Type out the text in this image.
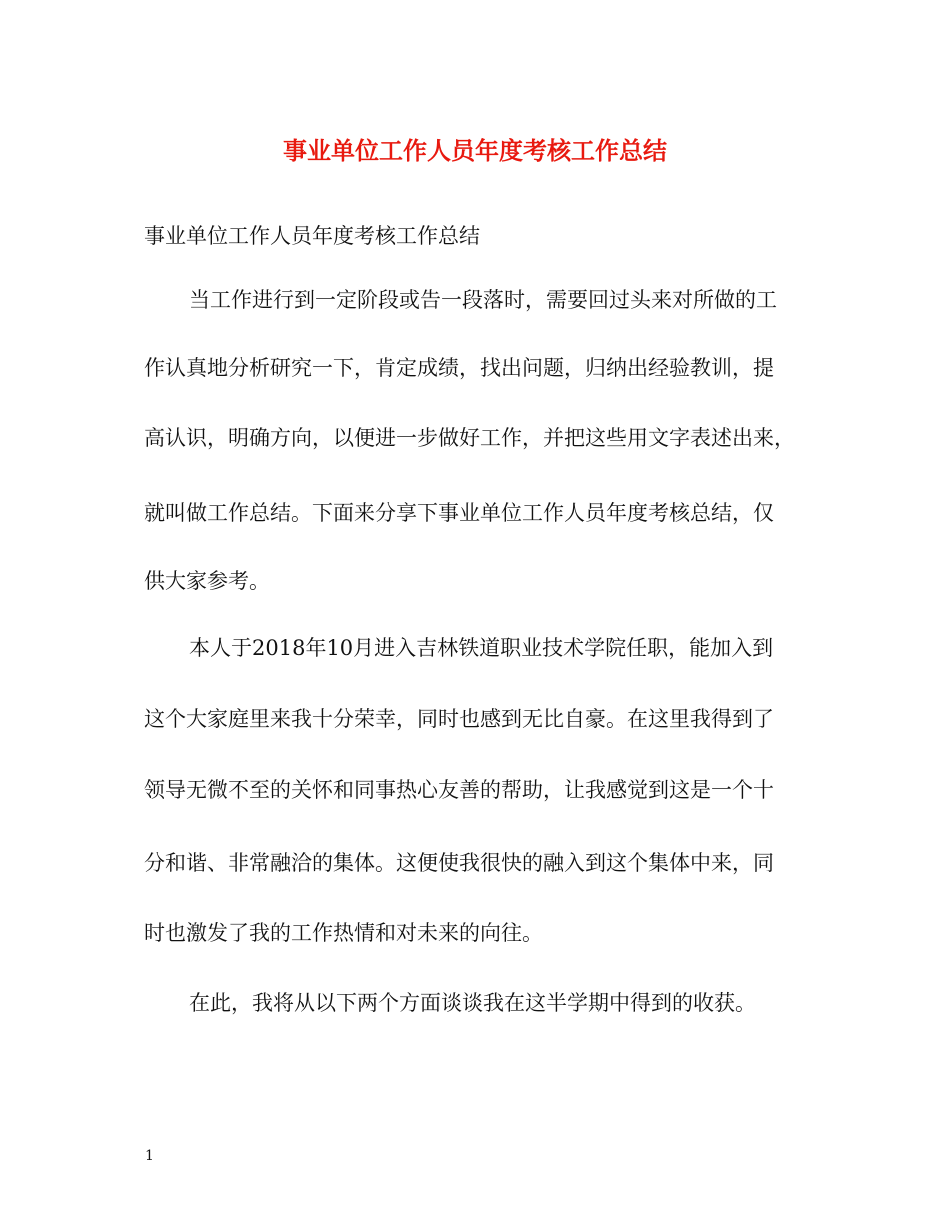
事业单位工作人员年度考核工作总结

事业单位工作人员年度考核工作总结

当工作进行到一定阶段或告一段落时，需要回过头来对所做的工

作认真地分析研究一下，肯定成绩，找出问题，归纳出经验教训，提

高认识，明确方向，以便进一步做好工作，并把这些用文字表述出来，

就叫做工作总结。下面来分享下事业单位工作人员年度考核总结，仅

供大家参考。

本人于2018年10月进入吉林铁道职业技术学院任职，能加入到

这个大家庭里来我十分荣幸，同时也感到无比自豪。在这里我得到了

领导无微不至的关怀和同事热心友善的帮助，让我感觉到这是一个十

分和谐、非常融洽的集体。这便使我很快的融入到这个集体中来，同

时也激发了我的工作热情和对未来的向往。

在此，我将从以下两个方面谈谈我在这半学期中得到的收获。

1
